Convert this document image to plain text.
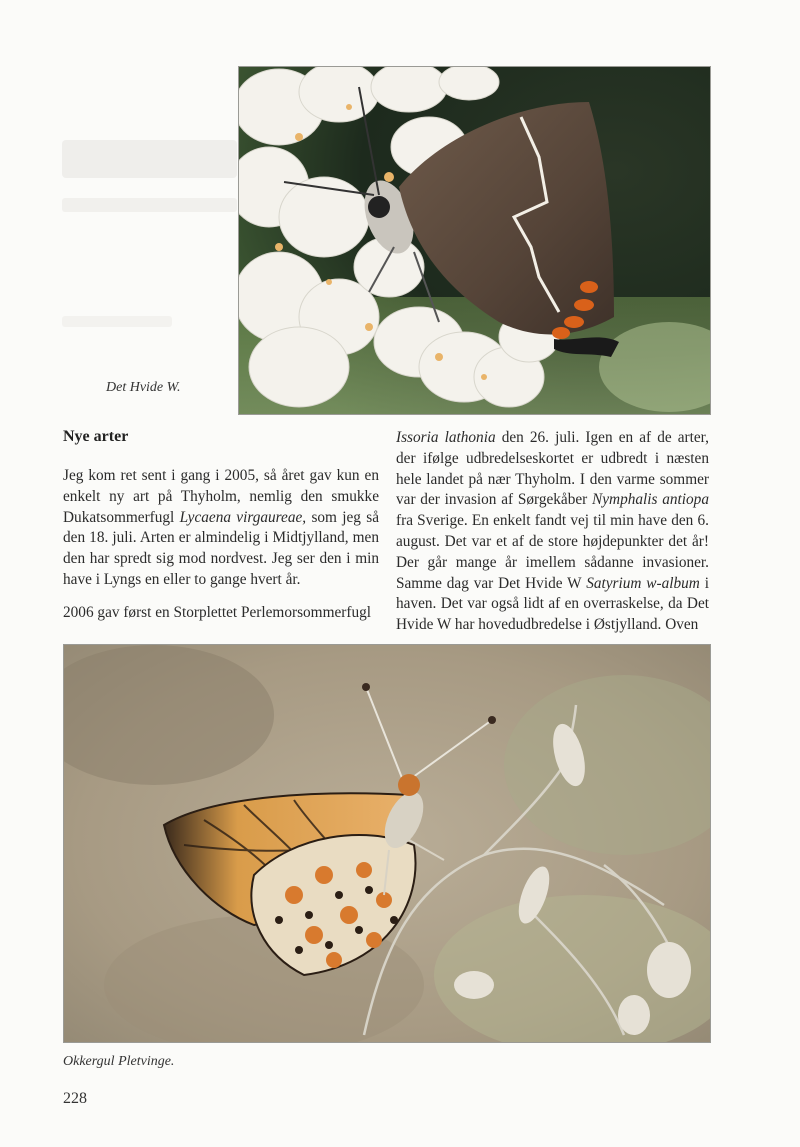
Det Hvide W.
Nye arter

Jeg kom ret sent i gang i 2005, så året gav kun en enkelt ny art på Thyholm, nemlig den smukke Dukatsommerfugl Lycaena virgaureae, som jeg så den 18. juli. Arten er almindelig i Midtjylland, men den har spredt sig mod nordvest. Jeg ser den i min have i Lyngs en eller to gange hvert år.

2006 gav først en Storplettet Perlemorsommerfugl

Issoria lathonia den 26. juli. Igen en af de arter, der ifølge udbredelseskortet er udbredt i næsten hele landet på nær Thyholm. I den varme sommer var der invasion af Sørgekåber Nymphalis antiopa fra Sverige. En enkelt fandt vej til min have den 6. august. Det var et af de store højdepunkter det år! Der går mange år imellem sådanne invasioner. Samme dag var Det Hvide W Satyrium w-album i haven. Det var også lidt af en overraskelse, da Det Hvide W har hovedudbredelse i Østjylland. Oven

Okkergul Pletvinge.
228
